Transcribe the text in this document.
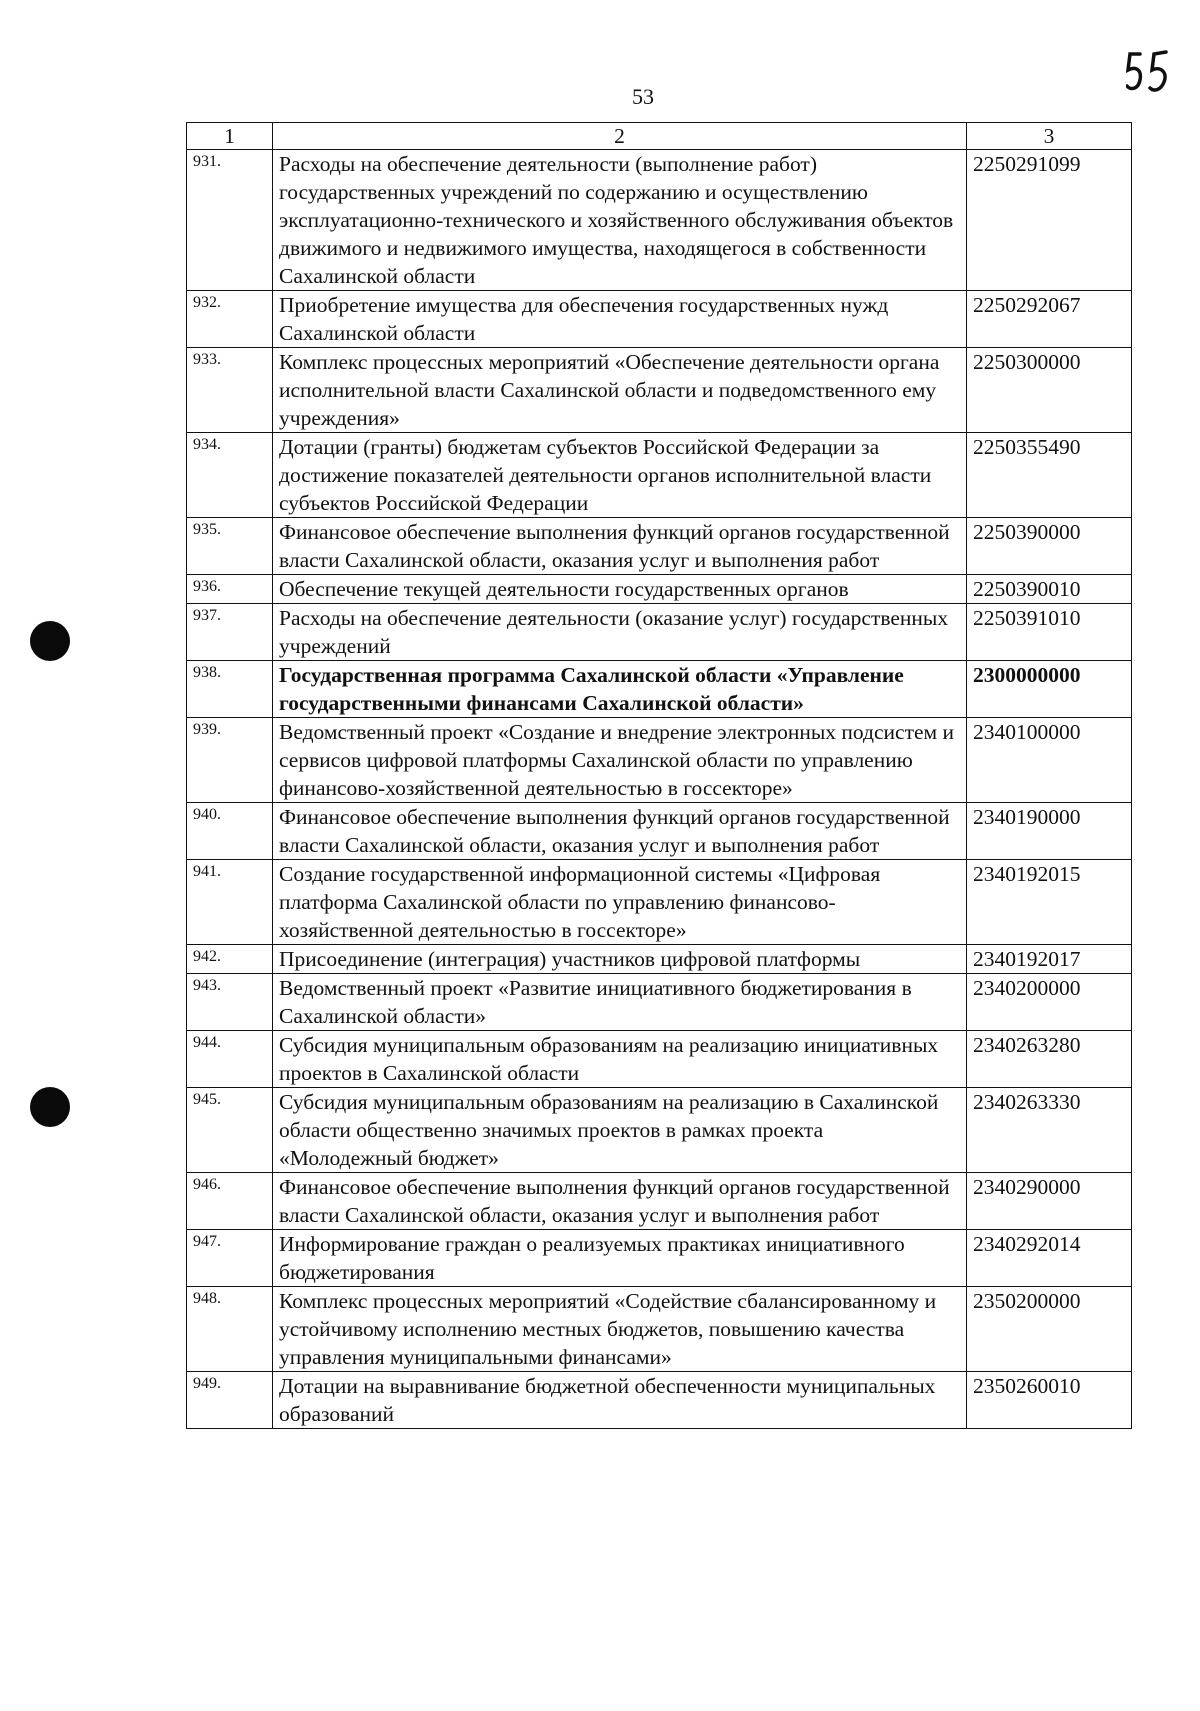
53
1	2	3
931.	Расходы на обеспечение деятельности (выполнение работ) государственных учреждений по содержанию и осуществлению эксплуатационно-технического и хозяйственного обслуживания объектов движимого и недвижимого имущества, находящегося в собственности Сахалинской области	2250291099
932.	Приобретение имущества для обеспечения государственных нужд Сахалинской области	2250292067
933.	Комплекс процессных мероприятий «Обеспечение деятельности органа исполнительной власти Сахалинской области и подведомственного ему учреждения»	2250300000
934.	Дотации (гранты) бюджетам субъектов Российской Федерации за достижение показателей деятельности органов исполнительной власти субъектов Российской Федерации	2250355490
935.	Финансовое обеспечение выполнения функций органов государственной власти Сахалинской области, оказания услуг и выполнения работ	2250390000
936.	Обеспечение текущей деятельности государственных органов	2250390010
937.	Расходы на обеспечение деятельности (оказание услуг) государственных учреждений	2250391010
938.	Государственная программа Сахалинской области «Управление государственными финансами Сахалинской области»	2300000000
939.	Ведомственный проект «Создание и внедрение электронных подсистем и сервисов цифровой платформы Сахалинской области по управлению финансово-хозяйственной деятельностью в госсекторе»	2340100000
940.	Финансовое обеспечение выполнения функций органов государственной власти Сахалинской области, оказания услуг и выполнения работ	2340190000
941.	Создание государственной информационной системы «Цифровая платформа Сахалинской области по управлению финансово-хозяйственной деятельностью в госсекторе»	2340192015
942.	Присоединение (интеграция) участников цифровой платформы	2340192017
943.	Ведомственный проект «Развитие инициативного бюджетирования в Сахалинской области»	2340200000
944.	Субсидия муниципальным образованиям на реализацию инициативных проектов в Сахалинской области	2340263280
945.	Субсидия муниципальным образованиям на реализацию в Сахалинской области общественно значимых проектов в рамках проекта «Молодежный бюджет»	2340263330
946.	Финансовое обеспечение выполнения функций органов государственной власти Сахалинской области, оказания услуг и выполнения работ	2340290000
947.	Информирование граждан о реализуемых практиках инициативного бюджетирования	2340292014
948.	Комплекс процессных мероприятий «Содействие сбалансированному и устойчивому исполнению местных бюджетов, повышению качества управления муниципальными финансами»	2350200000
949.	Дотации на выравнивание бюджетной обеспеченности муниципальных образований	2350260010
